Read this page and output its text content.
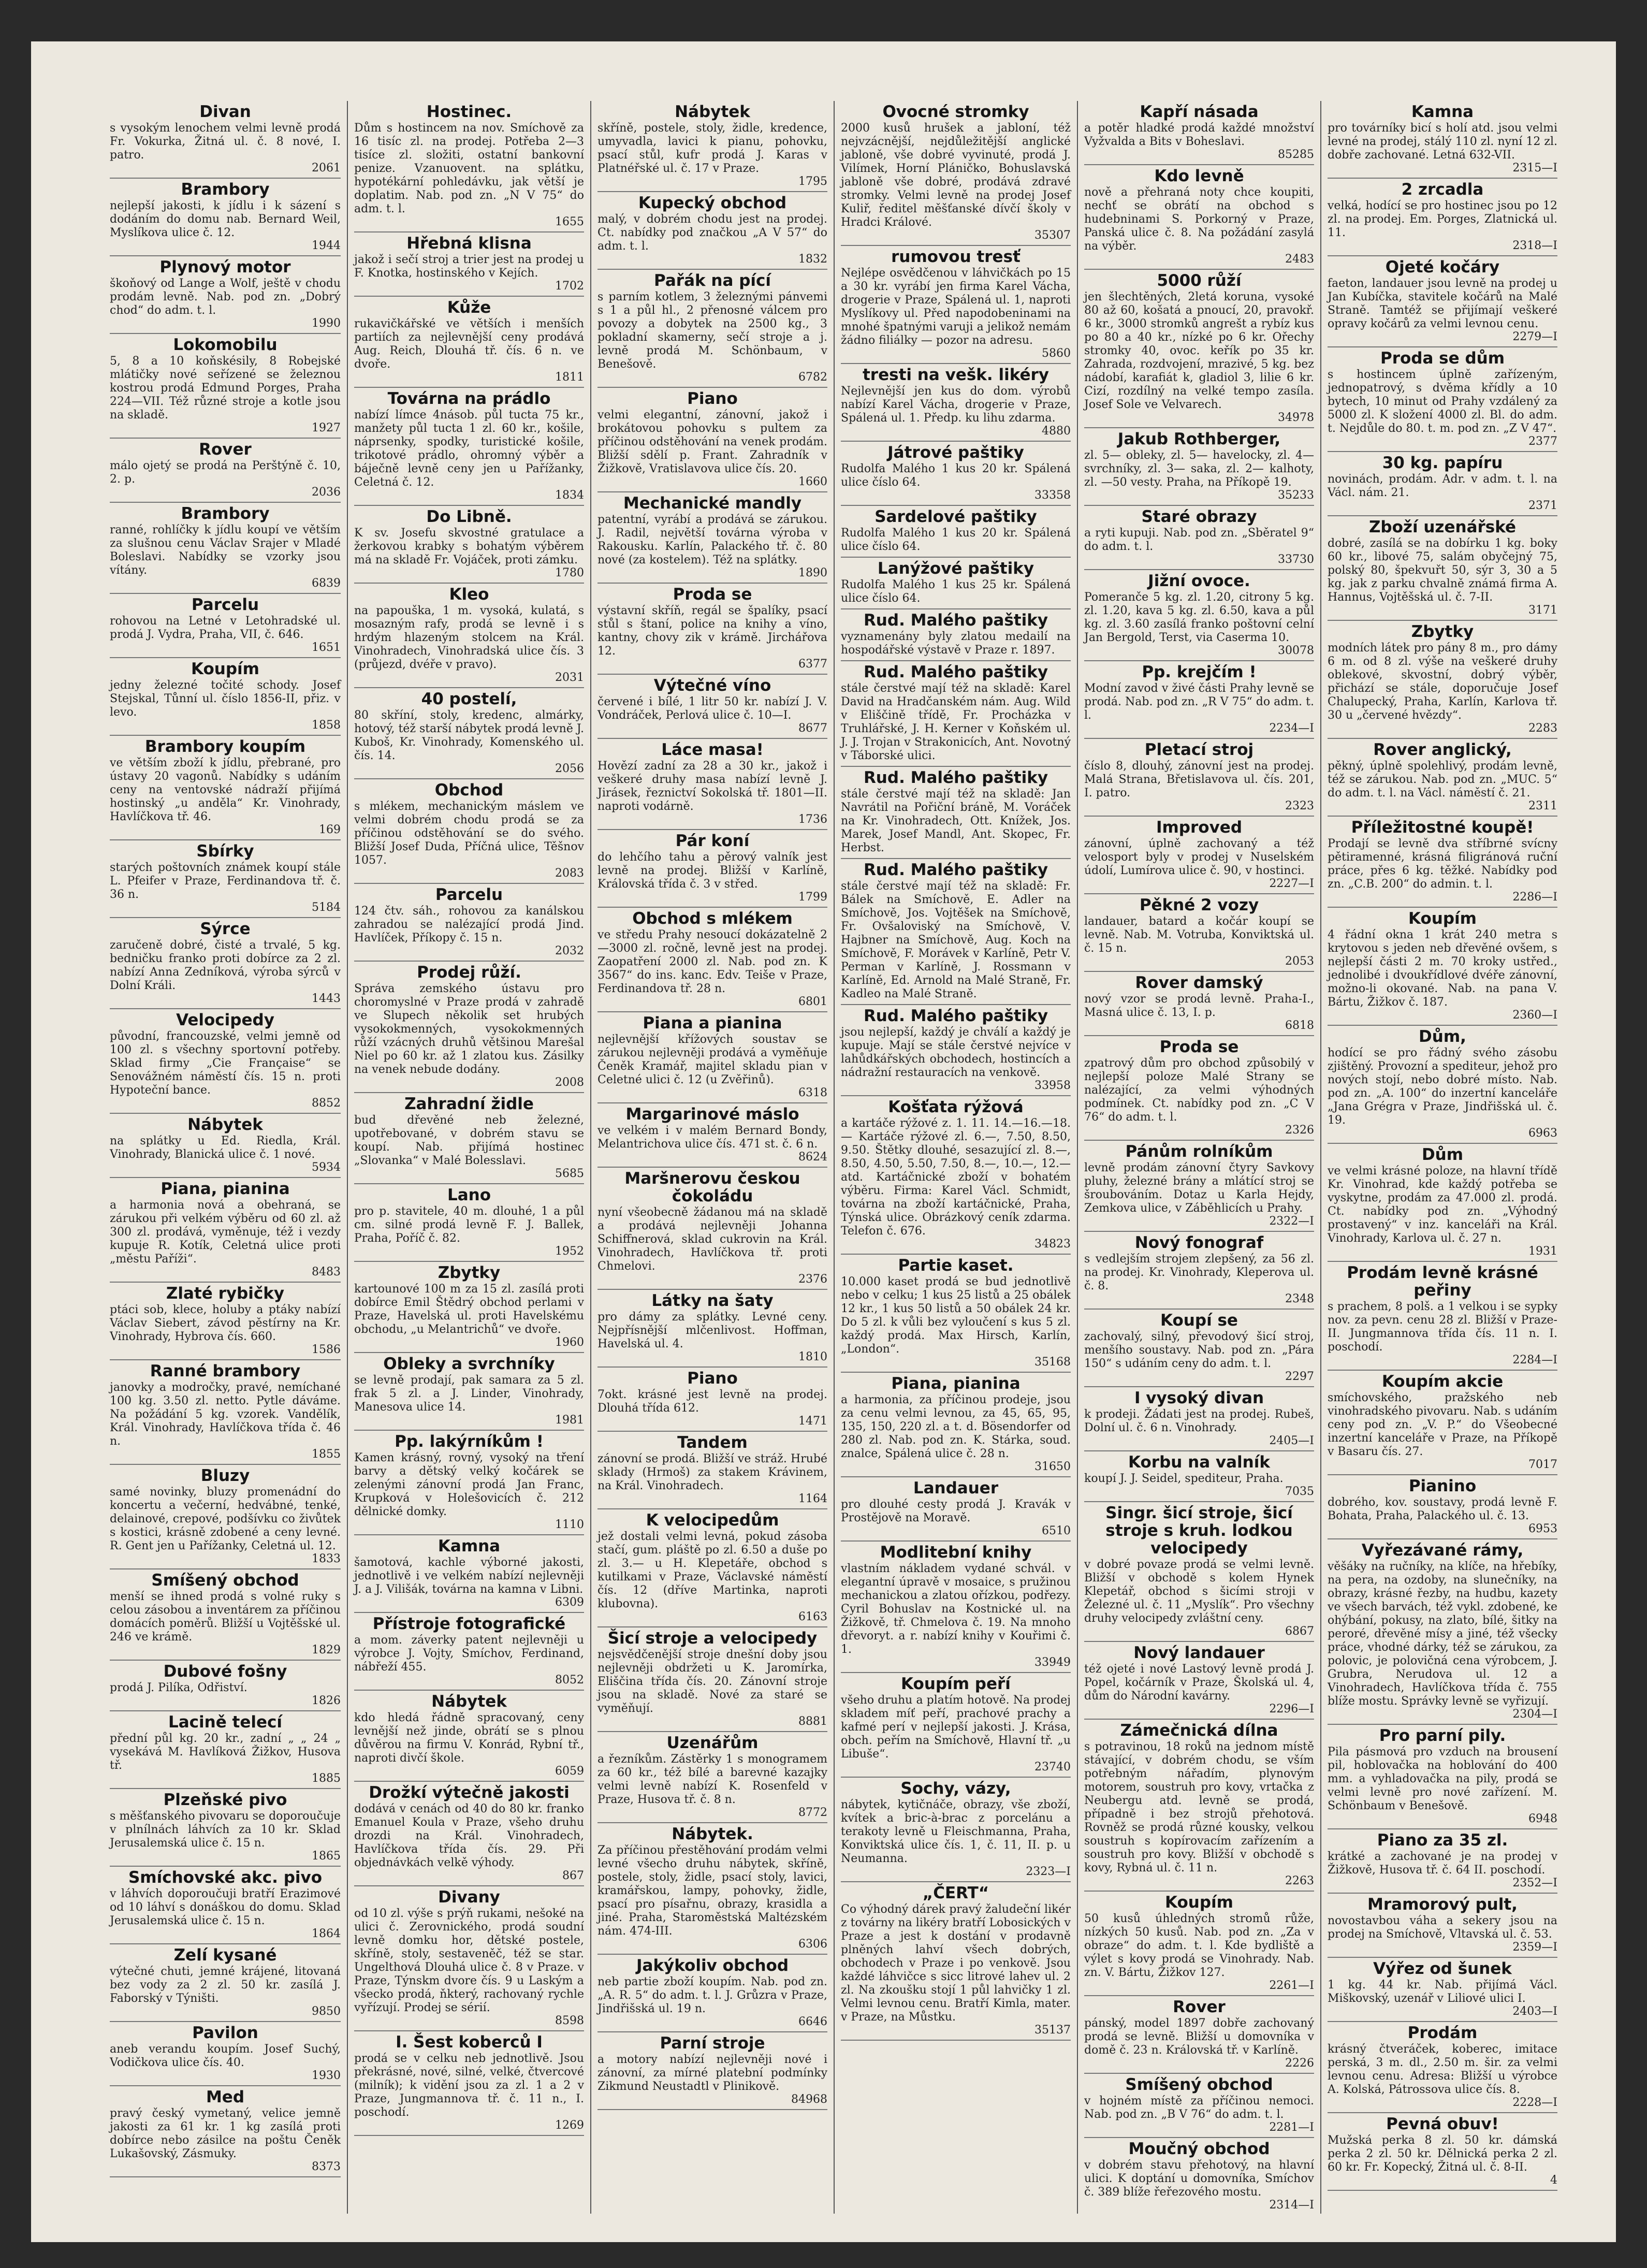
Divan

s vysokým lenochem velmi levně prodá Fr. Vokurka, Žitná ul. č. 8 nové, I. patro.

2061
Brambory

nejlepší jakosti, k jídlu i k sázení s dodáním do domu nab. Bernard Weil, Myslíkova ulice č. 12.

1944
Plynový motor

škoňový od Lange a Wolf, ještě v chodu prodám levně. Nab. pod zn. „Dobrý chod“ do adm. t. l.

1990
Lokomobilu

5, 8 a 10 koňskésily, 8 Robejské mlátičky nové seřízené se železnou kostrou prodá Edmund Porges, Praha 224—VII. Též různé stroje a kotle jsou na skladě.

1927
Rover

málo ojetý se prodá na Perštýně č. 10, 2. p.

2036
Brambory

ranné, rohlíčky k jídlu koupí ve větším za slušnou cenu Václav Srajer v Mladé Boleslavi. Nabídky se vzorky jsou vítány.

6839
Parcelu

rohovou na Letné v Letohradské ul. prodá J. Vydra, Praha, VII, č. 646.

1651
Koupím

jedny železné točité schody. Josef Stejskal, Tůnní ul. číslo 1856-II, přiz. v levo.

1858
Brambory koupím

ve větším zboží k jídlu, přebrané, pro ústavy 20 vagonů. Nabídky s udáním ceny na ventovské nádraží přijímá hostinský „u anděla“ Kr. Vinohrady, Havlíčkova tř. 46.

169
Sbírky

starých poštovních známek koupí stále L. Pfeifer v Praze, Ferdinandova tř. č. 36 n.

5184
Sýrce

zaručeně dobré, čisté a trvalé, 5 kg. bedničku franko proti dobírce za 2 zl. nabízí Anna Zedníková, výroba sýrců v Dolní Králi.

1443
Velocipedy

původní, francouzské, velmi jemně od 100 zl. s všechny sportovní potřeby. Sklad firmy „Cie Française“ se Senovážném náměstí čís. 15 n. proti Hypoteční bance.

8852
Nábytek

na splátky u Ed. Riedla, Král. Vinohrady, Blanická ulice č. 1 nové.

5934
Piana, pianina

a harmonia nová a obehraná, se zárukou při velkém výběru od 60 zl. až 300 zl. prodává, vyměnuje, též i vezdy kupuje R. Kotík, Celetná ulice proti „městu Paříži“.

8483
Zlaté rybičky

ptáci sob, klece, holuby a ptáky nabízí Václav Siebert, závod pěstírny na Kr. Vinohrady, Hybrova čís. 660.

1586
Ranné brambory

janovky a modročky, pravé, nemíchané 100 kg. 3.50 zl. netto. Pytle dáváme. Na požádání 5 kg. vzorek. Vandělík, Král. Vinohrady, Havlíčkova třída č. 46 n.

1855
Bluzy

samé novinky, bluzy promenádní do koncertu a večerní, hedvábné, tenké, delainové, crepové, podšívku co živůtek s kostici, krásně zdobené a ceny levné. R. Gent jen u Pařížanky, Celetná ul. 12.

1833
Smíšený obchod

menší se ihned prodá s volné ruky s celou zásobou a inventárem za příčinou domácích poměrů. Bližší u Vojtěšské ul. 246 ve krámě.

1829
Dubové fošny

prodá J. Pilíka, Odřiství.

1826
Lacině telecí

přední půl kg. 20 kr., zadní „ „ 24 „ vysekává M. Havlíková Žižkov, Husova tř.

1885
Plzeňské pivo

s měšťanského pivovaru se doporoučuje v plnílnách láhvích za 10 kr. Sklad Jerusalemská ulice č. 15 n.

1865
Smíchovské akc. pivo

v láhvích doporoučuji bratří Erazimové od 10 láhví s donáškou do domu. Sklad Jerusalemská ulice č. 15 n.

1864
Zelí kysané

výtečné chuti, jemné krájené, litovaná bez vody za 2 zl. 50 kr. zasílá J. Faborský v Týništi.

9850
Pavilon

aneb verandu koupím. Josef Suchý, Vodičkova ulice čís. 40.

1930
Med

pravý český vymetaný, velice jemně jakosti za 61 kr. 1 kg zasílá proti dobírce nebo zásilce na poštu Čeněk Lukašovský, Zásmuky.

8373
Hostinec.

Dům s hostincem na nov. Smíchově za 16 tisíc zl. na prodej. Potřeba 2—3 tisíce zl. složiti, ostatní bankovní penize. Vzanuovent. na splátku, hypotékární pohledávku, jak větší je doplatim. Nab. pod zn. „N V 75“ do adm. t. l.

1655
Hřebná klisna

jakož i sečí stroj a trier jest na prodej u F. Knotka, hostinského v Kejích.

1702
Kůže

rukavičkářské ve větších i menších partiích za nejlevnější ceny prodává Aug. Reich, Dlouhá tř. čís. 6 n. ve dvoře.

1811
Továrna na prádlo

nabízí límce 4násob. půl tucta 75 kr., manžety půl tucta 1 zl. 60 kr., košile, náprsenky, spodky, turistické košile, trikotové prádlo, ohromný výběr a báječně levně ceny jen u Pařížanky, Celetná č. 12.

1834
Do Libně.

K sv. Josefu skvostné gratulace a žerkovou krabky s bohatým výběrem má na skladě Fr. Vojáček, proti zámku.

1780
Kleo

na papouška, 1 m. vysoká, kulatá, s mosazným rafy, prodá se levně i s hrdým hlazeným stolcem na Král. Vinohradech, Vinohradská ulice čís. 3 (průjezd, dvéře v pravo).

2031
40 postelí,

80 skříní, stoly, kredenc, almárky, hotový, též starší nábytek prodá levně J. Kuboš, Kr. Vinohrady, Komenského ul. čís. 14.

2056
Obchod

s mlékem, mechanickým máslem ve velmi dobrém chodu prodá se za příčinou odstěhování se do svého. Bližší Josef Duda, Příčná ulice, Těšnov 1057.

2083
Parcelu

124 čtv. sáh., rohovou za kanálskou zahradou se nalézající prodá Jind. Havlíček, Příkopy č. 15 n.

2032
Prodej růží.

Správa zemského ústavu pro choromyslné v Praze prodá v zahradě ve Slupech několik set hrubých vysokokmenných, vysokokmenných růží vzácných druhů většinou Marešal Niel po 60 kr. až 1 zlatou kus. Zásilky na venek nebude dodány.

2008
Zahradní židle

bud dřevěné neb železné, upotřebované, v dobrém stavu se koupí. Nab. přijímá hostinec „Slovanka“ v Malé Bolesslavi.

5685
Lano

pro p. stavitele, 40 m. dlouhé, 1 a půl cm. silné prodá levně F. J. Ballek, Praha, Poříč č. 82.

1952
Zbytky

kartounové 100 m za 15 zl. zasílá proti dobírce Emil Štědrý obchod perlami v Praze, Havelská ul. proti Havelskému obchodu, „u Melantrichů“ ve dvoře.

1960
Obleky a svrchníky

se levně prodají, pak samara za 5 zl. frak 5 zl. a J. Linder, Vinohrady, Manesova ulice 14.

1981
Pp. lakýrníkům !

Kamen krásný, rovný, vysoký na tření barvy a dětský velký kočárek se zelenými zánovní prodá Jan Franc, Krupková v Holešovicích č. 212 dělnické domky.

1110
Kamna

šamotová, kachle výborné jakosti, jednotlivě i ve velkém nabízí nejlevněji J. a J. Vilišák, továrna na kamna v Libni.

6309
Přístroje fotografické

a mom. záverky patent nejlevněji u výrobce J. Vojty, Smíchov, Ferdinand, nábřeží 455.

8052
Nábytek

kdo hledá řádně spracovaný, ceny levnější než jinde, obrátí se s plnou důvěrou na firmu V. Konrád, Rybní tř., naproti divčí škole.

6059
Drožkí výtečně jakosti

dodává v cenách od 40 do 80 kr. franko Emanuel Koula v Praze, všeho druhu drozdi na Král. Vinohradech, Havlíčkova třída čís. 29. Při objednávkách velkě výhody.

867
Divany

od 10 zl. výše s prýň rukami, nešoké na ulici č. Zerovnického, prodá soudní levně domku hor, dětské postele, skříně, stoly, sestaveněč, též se star. Ungelthová Dlouhá ulice č. 8 v Praze. v Praze, Týnskm dvore čís. 9 u Laským a všecko prodá, ňkterý, rachovaný rychle vyřízují. Prodej se sérií.

8598
I. Šest koberců I

prodá se v celku neb jednotlivě. Jsou překrásné, nové, silné, velké, čtvercové (milník); k vidění jsou za zl. 1 a 2 v Praze, Jungmannova tř. č. 11 n., I. poschodí.

1269
Nábytek

skříně, postele, stoly, židle, kredence, umyvadla, lavici k pianu, pohovku, psací stůl, kufr prodá J. Karas v Platnéřské ul. č. 17 v Praze.

1795
Kupecký obchod

malý, v dobrém chodu jest na prodej. Ct. nabídky pod značkou „A V 57“ do adm. t. l.

1832
Pařák na pící

s parním kotlem, 3 železnými pánvemi s 1 a půl hl., 2 přenosné válcem pro povozy a dobytek na 2500 kg., 3 pokladní skamerny, sečí stroje a j. levně prodá M. Schönbaum, v Benešově.

6782
Piano

velmi elegantní, zánovní, jakož i brokátovou pohovku s pultem za příčinou odstěhování na venek prodám. Bližší sdělí p. Frant. Zahradník v Žižkově, Vratislavova ulice čís. 20.

1660
Mechanické mandly

patentní, vyrábí a prodává se zárukou. J. Radil, největší továrna výroba v Rakousku. Karlín, Palackého tř. č. 80 nové (za kostelem). Též na splátky.

1890
Proda se

výstavní skříň, regál se špalíky, psací stůl s štaní, police na knihy a víno, kantny, chovy zik v krámě. Jirchářova 12.

6377
Výtečné víno

červené i bílé, 1 litr 50 kr. nabízí J. V. Vondráček, Perlová ulice č. 10—I.

8677
Láce masa!

Hovězí zadní za 28 a 30 kr., jakož i veškeré druhy masa nabízí levně J. Jirásek, řeznictví Sokolská tř. 1801—II. naproti vodárně.

1736
Pár koní

do lehčího tahu a pěrový valník jest levně na prodej. Bližší v Karlíně, Královská třída č. 3 v střed.

1799
Obchod s mlékem

ve středu Prahy nesoucí dokázatelně 2—3000 zl. ročně, levně jest na prodej. Zaopatření 2000 zl. Nab. pod zn. K 3567“ do ins. kanc. Edv. Teiše v Praze, Ferdinandova tř. 28 n.

6801
Piana a pianina

nejlevnější křížových soustav se zárukou nejlevněji prodává a vyměňuje Čeněk Kramář, majitel skladu pian v Celetné ulici č. 12 (u Zvěřinů).

6318
Margarinové máslo

ve velkém i v malém Bernard Bondy, Melantrichova ulice čís. 471 st. č. 6 n.

8624
Maršnerovu českou čokoládu

nyní všeobecně žádanou má na skladě a prodává nejlevněji Johanna Schiffnerová, sklad cukrovin na Král. Vinohradech, Havlíčkova tř. proti Chmelovi.

2376
Látky na šaty

pro dámy za splátky. Levné ceny. Nejpřísnější mlčenlivost. Hoffman, Havelská ul. 4.

1810
Piano

7okt. krásné jest levně na prodej. Dlouhá třída 612.

1471
Tandem

zánovní se prodá. Bližší ve stráž. Hrubé sklady (Hrmoš) za stakem Krávinem, na Král. Vinohradech.

1164
K velocipedům

jež dostali velmi levná, pokud zásoba stačí, gum. pláště po zl. 6.50 a duše po zl. 3.— u H. Klepetáře, obchod s kutilkami v Praze, Václavské náměstí čís. 12 (dříve Martinka, naproti klubovna).

6163
Šicí stroje a velocipedy

nejsvědčenější stroje dnešní doby jsou nejlevněji obdržeti u K. Jaromírka, Eliščina třída čís. 20. Zánovní stroje jsou na skladě. Nové za staré se vyměňují.

8881
Uzenářům

a řezníkům. Zástěrky 1 s monogramem za 60 kr., též bílé a barevné kazajky velmi levně nabízí K. Rosenfeld v Praze, Husova tř. č. 8 n.

8772
Nábytek.

Za příčinou přestěhování prodám velmi levné všecho druhu nábytek, skříně, postele, stoly, židle, psací stoly, lavici, kramářskou, lampy, pohovky, židle, psací pro písařnu, obrazy, krasidla a jiné. Praha, Staroměstská Maltézském nám. 474-III.

6306
Jakýkoliv obchod

neb partie zboží koupím. Nab. pod zn. „A. R. 5“ do adm. t. l. J. Grůzra v Praze, Jindřišská ul. 19 n.

6646
Parní stroje

a motory nabízí nejlevněji nové i zánovní, za mírné platební podmínky Zikmund Neustadtl v Plinikově.

84968
Ovocné stromky

2000 kusů hrušek a jabloní, též nejvzácnější, nejdůležitější anglické jabloně, vše dobré vyvinuté, prodá J. Vilímek, Horní Pláničko, Bohuslavská jabloně vše dobré, prodává zdravé stromky. Velmi levně na prodej Josef Kuliř, ředitel měšťanské dívčí školy v Hradci Králové.

35307
rumovou tresť

Nejlépe osvědčenou v láhvičkách po 15 a 30 kr. vyrábí jen firma Karel Vácha, drogerie v Praze, Spálená ul. 1, naproti Myslíkovy ul. Před napodobeninami na mnohé špatnými varuji a jelikož nemám žádno filiálky — pozor na adresu.

5860
tresti na vešk. likéry

Nejlevnější jen kus do dom. výrobů nabízí Karel Vácha, drogerie v Praze, Spálená ul. 1. Předp. ku lihu zdarma.

4880
Játrové paštiky

Rudolfa Malého 1 kus 20 kr. Spálená ulice číslo 64.

33358
Sardelové paštiky

Rudolfa Malého 1 kus 20 kr. Spálená ulice číslo 64.

Lanýžové paštiky

Rudolfa Malého 1 kus 25 kr. Spálená ulice číslo 64.

Rud. Malého paštiky

vyznamenány byly zlatou medailí na hospodářské výstavě v Praze r. 1897.

Rud. Malého paštiky

stále čerstvé mají též na skladě: Karel David na Hradčanském nám. Aug. Wild v Eliščině třídě, Fr. Procházka v Truhlářské, J. H. Kerner v Koňském ul. J. J. Trojan v Strakonicích, Ant. Novotný v Táborské ulici.

Rud. Malého paštiky

stále čerstvé mají též na skladě: Jan Navrátil na Pořiční bráně, M. Voráček na Kr. Vinohradech, Ott. Knížek, Jos. Marek, Josef Mandl, Ant. Skopec, Fr. Herbst.

Rud. Malého paštiky

stále čerstvé mají též na skladě: Fr. Bálek na Smíchově, E. Adler na Smíchově, Jos. Vojtěšek na Smíchově, Fr. Ovšaloviský na Smíchově, V. Hajbner na Smíchově, Aug. Koch na Smíchově, F. Morávek v Karlíně, Petr V. Perman v Karlíně, J. Rossmann v Karlíně, Ed. Arnold na Malé Straně, Fr. Kadleo na Malé Straně.

Rud. Malého paštiky

jsou nejlepší, každý je chválí a každý je kupuje. Mají se stále čerstvé nejvíce v lahůdkářských obchodech, hostincích a nádražní restauracích na venkově.

33958
Košťata rýžová

a kartáče rýžové z. 1. 11. 14.—16.—18.— Kartáče rýžové zl. 6.—, 7.50, 8.50, 9.50. Štětky dlouhé, sesazující zl. 8.—, 8.50, 4.50, 5.50, 7.50, 8.—, 10.—, 12.— atd. Kartáčnické zboží v bohatém výběru. Firma: Karel Václ. Schmidt, továrna na zboží kartáčnické, Praha, Týnská ulice. Obrázkový ceník zdarma. Telefon č. 676.

34823
Partie kaset.

10.000 kaset prodá se bud jednotlivě nebo v celku; 1 kus 25 listů a 25 obálek 12 kr., 1 kus 50 listů a 50 obálek 24 kr. Do 5 zl. k vůli bez vyloučení s kus 5 zl. každý prodá. Max Hirsch, Karlín, „London“.

35168
Piana, pianina

a harmonia, za příčinou prodeje, jsou za cenu velmi levnou, za 45, 65, 95, 135, 150, 220 zl. a t. d. Bösendorfer od 280 zl. Nab. pod zn. K. Stárka, soud. znalce, Spálená ulice č. 28 n.

31650
Landauer

pro dlouhé cesty prodá J. Kravák v Prostějově na Moravě.

6510
Modlitební knihy

vlastním nákladem vydané schvál. v elegantní úpravě v mosaice, s pružinou mechanickou a zlatou ořízkou, podřezy. Cyril Bohuslav na Kostnické ul. na Žižkově, tř. Chmelova č. 19. Na mnoho dřevoryt. a r. nabízí knihy v Kouřimi č. 1.

33949
Koupím peří

všeho druhu a platím hotově. Na prodej skladem míť peří, prachové prachy a kafmé perí v nejlepší jakosti. J. Krása, obch. peřím na Smíchově, Hlavní tř. „u Libuše“.

23740
Sochy, vázy,

nábytek, kytičnáče, obrazy, vše zboží, kvítek a bric-à-brac z porcelánu a terakoty levně u Fleischmanna, Praha, Konviktská ulice čís. 1, č. 11, II. p. u Neumanna.

2323—I
„ČERT“

Co výhodný dárek pravý žaludeční likér z továrny na likéry bratří Lobosických v Praze a jest k dostání v prodavně plněných lahví všech dobrých, obchodech v Praze i po venkově. Jsou každé láhvičce s sicc litrové lahev ul. 2 zl. Na zkoušku stojí 1 půl lahvičky 1 zl. Velmi levnou cenu. Bratří Kimla, mater. v Praze, na Můstku.

35137
Kapří násada

a potěr hladké prodá každé množství Vyžvalda a Bits v Boheslavi.

85285
Kdo levně

nově a přehraná noty chce koupiti, nechť se obrátí na obchod s hudebninami S. Porkorný v Praze, Panská ulice č. 8. Na požádání zasylá na výběr.

2483
5000 růží

jen šlechtěných, 2letá koruna, vysoké 80 až 60, košatá a pnoucí, 20, pravokř. 6 kr., 3000 stromků angrešt a rybíz kus po 80 a 40 kr., nízké po 6 kr. Ořechy stromky 40, ovoc. keřík po 35 kr. Zahrada, rozdvojení, mrazivé, 5 kg. bez nádobí, karafiát k, gladiol 3, lilie 6 kr. Cizí, rozdílný na velké tempo zasíla. Josef Sole ve Velvarech.

34978
Jakub Rothberger,

zl. 5— obleky, zl. 5— havelocky, zl. 4— svrchníky, zl. 3— saka, zl. 2— kalhoty, zl. —50 vesty. Praha, na Příkopě 19.

35233
Staré obrazy

a ryti kupuji. Nab. pod zn. „Sběratel 9“ do adm. t. l.

33730
Jižní ovoce.

Pomeranče 5 kg. zl. 1.20, citrony 5 kg. zl. 1.20, kava 5 kg. zl. 6.50, kava a půl kg. zl. 3.60 zasílá franko poštovní celní Jan Bergold, Terst, via Caserma 10.

30078
Pp. krejčím !

Modní zavod v živé části Prahy levně se prodá. Nab. pod zn. „R V 75“ do adm. t. l.

2234—I
Pletací stroj

číslo 8, dlouhý, zánovní jest na prodej. Malá Strana, Břetislavova ul. čís. 201, I. patro.

2323
Improved

zánovní, úplně zachovaný a též velosport byly v prodej v Nuselském údolí, Lumírova ulice č. 90, v hostinci.

2227—I
Pěkné 2 vozy

landauer, batard a kočár koupí se levně. Nab. M. Votruba, Konviktská ul. č. 15 n.

2053
Rover damský

nový vzor se prodá levně. Praha-I., Masná ulice č. 13, I. p.

6818
Proda se

zpatrový dům pro obchod způsobilý v nejlepší poloze Malé Strany se nalézající, za velmi výhodných podmínek. Ct. nabídky pod zn. „C V 76“ do adm. t. l.

2326
Pánům rolníkům

levně prodám zánovní čtyry Savkovy pluhy, železné brány a mlátící stroj se šroubováním. Dotaz u Karla Hejdy, Zemkova ulice, v Záběhlicích u Prahy.

2322—I
Nový fonograf

s vedlejším strojem zlepšený, za 56 zl. na prodej. Kr. Vinohrady, Kleperova ul. č. 8.

2348
Koupí se

zachovalý, silný, převodový šicí stroj, menšího soustavy. Nab. pod zn. „Pára 150“ s udáním ceny do adm. t. l.

2297
I vysoký divan

k prodeji. Žádati jest na prodej. Rubeš, Dolní ul. č. 6 n. Vinohrady.

2405—I
Korbu na valník

koupí J. J. Seidel, spediteur, Praha.

7035
Singr. šicí stroje, šicí stroje s kruh. lodkou velocipedy

v dobré povaze prodá se velmi levně. Bližší v obchodě s kolem Hynek Klepetář, obchod s šicími stroji v Železné ul. č. 11 „Myslík“. Pro všechny druhy velocipedy zvláštní ceny.

6867
Nový landauer

též ojeté i nové Lastový levně prodá J. Popel, kočárník v Praze, Školská ul. 4, dům do Národní kavárny.

2296—I
Zámečnická dílna

s potravinou, 18 roků na jednom místě stávající, v dobrém chodu, se vším potřebným nářadím, plynovým motorem, soustruh pro kovy, vrtačka z Neubergu atd. levně se prodá, případně i bez strojů přehotová. Rovněž se prodá různé kousky, velkou soustruh s kopírovacím zařízením a soustruh pro kovy. Bližší v obchodě s kovy, Rybná ul. č. 11 n.

2263
Koupím

50 kusů úhledných stromů růže, nízkých 50 kusů. Nab. pod zn. „Za v obraze“ do adm. t. l. Kde bydliště a výlet s kovy prodá se Vinohrady. Nab. zn. V. Bártu, Žižkov 127.

2261—I
Rover

pánský, model 1897 dobře zachovaný prodá se levně. Bližší u domovníka v domě č. 23 n. Královská tř. v Karlíně.

2226
Smíšený obchod

v hojném místě za příčinou nemoci. Nab. pod zn. „B V 76“ do adm. t. l.

2281—I
Moučný obchod

v dobrém stavu přehotový, na hlavní ulici. K doptání u domovníka, Smíchov č. 389 blíže řeřezového mostu.

2314—I
Kamna

pro továrníky bicí s holí atd. jsou velmi levné na prodej, stálý 110 zl. nyní 12 zl. dobře zachované. Letná 632-VII.

2315—I
2 zrcadla

velká, hodící se pro hostinec jsou po 12 zl. na prodej. Em. Porges, Zlatnická ul. 11.

2318—I
Ojeté kočáry

faeton, landauer jsou levně na prodej u Jan Kubíčka, stavitele kočárů na Malé Straně. Tamtéž se přijímají veškeré opravy kočárů za velmi levnou cenu.

2279—I
Proda se dům

s hostincem úplně zařízeným, jednopatrový, s dvěma křídly a 10 bytech, 10 minut od Prahy vzdálený za 5000 zl. K složení 4000 zl. Bl. do adm. t. Nejdůle do 80. t. m. pod zn. „Z V 47“.

2377
30 kg. papíru

novinách, prodám. Adr. v adm. t. l. na Václ. nám. 21.

2371
Zboží uzenářské

dobré, zasílá se na dobírku 1 kg. boky 60 kr., libové 75, salám obyčejný 75, polský 80, špekvuřt 50, sýr 3, 30 a 5 kg. jak z parku chvalně známá firma A. Hannus, Vojtěšská ul. č. 7-II.

3171
Zbytky

modních látek pro pány 8 m., pro dámy 6 m. od 8 zl. výše na veškeré druhy oblekové, skvostní, dobrý výběr, přichází se stále, doporučuje Josef Chalupecký, Praha, Karlín, Karlova tř. 30 u „červené hvězdy“.

2283
Rover anglický,

pěkný, úplně spolehlivý, prodám levně, též se zárukou. Nab. pod zn. „MUC. 5“ do adm. t. l. na Václ. náměstí č. 21.

2311
Příležitostné koupě!

Prodají se levně dva stříbrné svícny pětiramenné, krásná filigránová ruční práce, přes 6 kg. těžké. Nabídky pod zn. „C.B. 200“ do admin. t. l.

2286—I
Koupím

4 řádní okna 1 krát 240 metra s krytovou s jeden neb dřevěné ovšem, s nejlepší části 2 m. 70 kroky ustřed., jednolibé i dvoukřídlové dvéře zánovní, možno-li okované. Nab. na pana V. Bártu, Žižkov č. 187.

2360—I
Dům,

hodící se pro řádný svého zásobu zjištěný. Provozní a spediteur, jehož pro nových stojí, nebo dobré místo. Nab. pod zn. „A. 100“ do inzertní kanceláře „Jana Grégra v Praze, Jindřišská ul. č. 19.

6963
Dům

ve velmi krásné poloze, na hlavní třídě Kr. Vinohrad, kde každý potřeba se vyskytne, prodám za 47.000 zl. prodá. Ct. nabídky pod zn. „Výhodný prostavený“ v inz. kanceláři na Král. Vinohrady, Karlova ul. č. 27 n.

1931
Prodám levně krásné peřiny

s prachem, 8 polš. a 1 velkou i se sypky nov. za pevn. cenu 28 zl. Bližší v Praze-II. Jungmannova třída čís. 11 n. I. poschodí.

2284—I
Koupím akcie

smíchovského, pražského neb vinohradského pivovaru. Nab. s udáním ceny pod zn. „V. P.“ do Všeobecné inzertní kanceláře v Praze, na Příkopě v Basaru čís. 27.

7017
Pianino

dobrého, kov. soustavy, prodá levně F. Bohata, Praha, Palackého ul. č. 13.

6953
Vyřezávané rámy,

věšáky na ručníky, na klíče, na hřebíky, na pera, na ozdoby, na slunečníky, na obrazy, krásné řezby, na hudbu, kazety ve všech barvách, též vykl. zdobené, ke ohýbání, pokusy, na zlato, bílé, šitky na peroré, dřevěné mísy a jiné, též všecky práce, vhodné dárky, též se zárukou, za polovic, je polovičná cena výrobcem, J. Grubra, Nerudova ul. 12 a Vinohradech, Havlíčkova třída č. 755 blíže mostu. Správky levně se vyřizují.

2304—I
Pro parní pily.

Pila pásmová pro vzduch na brousení pil, hoblovačka na hoblování do 400 mm. a vyhladovačka na pily, prodá se velmi levně pro nové zařízení. M. Schönbaum v Benešově.

6948
Piano za 35 zl.

krátké a zachované je na prodej v Žižkově, Husova tř. č. 64 II. poschodí.

2352—I
Mramorový pult,

novostavbou váha a sekery jsou na prodej na Smíchově, Vltavská ul. č. 53.

2359—I
Výřez od šunek

1 kg. 44 kr. Nab. přijímá Václ. Miškovský, uzenář v Liliové ulici I.

2403—I
Prodám

krásný čtveráček, koberec, imitace perská, 3 m. dl., 2.50 m. šir. za velmi levnou cenu. Adresa: Bližší u výrobce A. Kolská, Pátrossova ulice čís. 8.

2228—I
Pevná obuv!

Mužská perka 8 zl. 50 kr. dámská perka 2 zl. 50 kr. Dělnická perka 2 zl. 60 kr. Fr. Kopecký, Žitná ul. č. 8-II.

4
